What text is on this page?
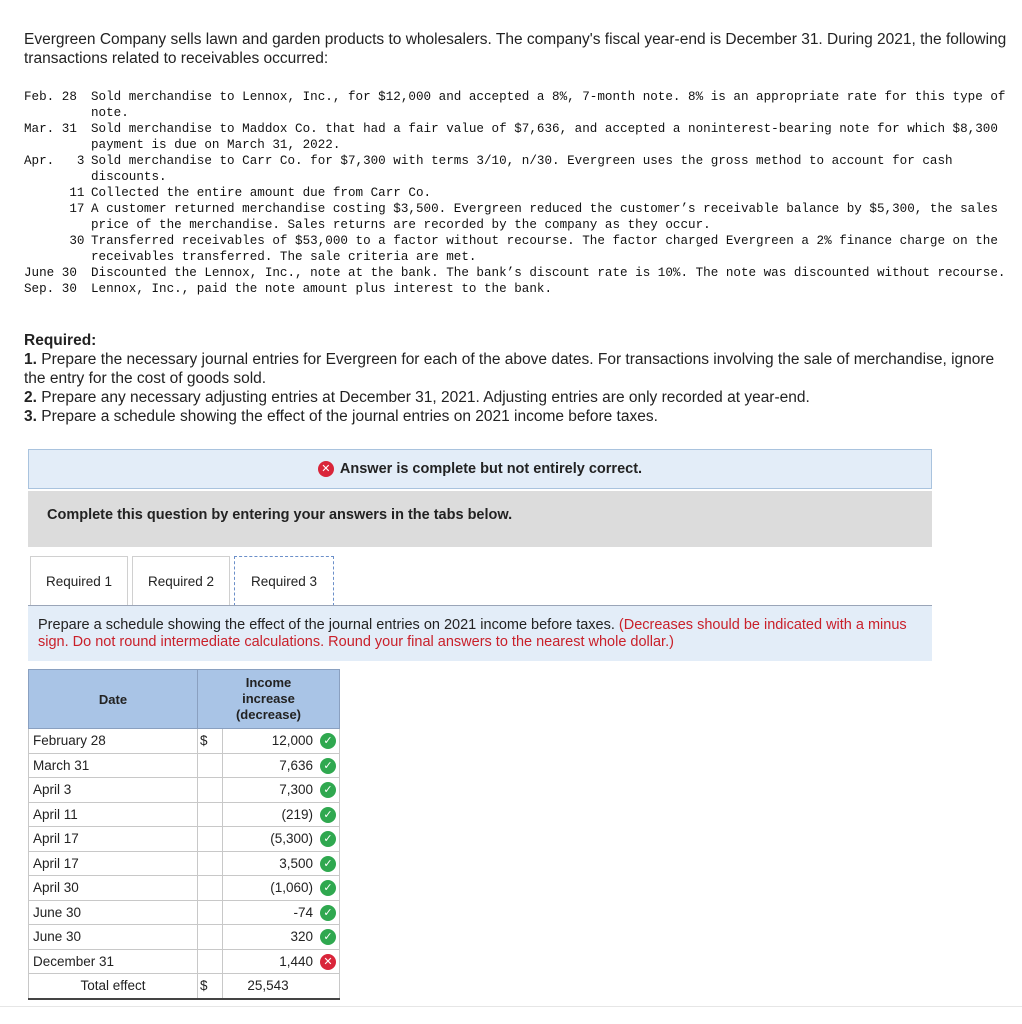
Evergreen Company sells lawn and garden products to wholesalers. The company's fiscal year-end is December 31. During 2021, the following transactions related to receivables occurred:
Feb. 28	Sold merchandise to Lennox, Inc., for $12,000 and accepted a 8%, 7-month note. 8% is an appropriate rate for this type of note.
Mar. 31	Sold merchandise to Maddox Co. that had a fair value of $7,636, and accepted a noninterest-bearing note for which $8,300 payment is due on March 31, 2022.
Apr.   3 Sold merchandise to Carr Co. for $7,300 with terms 3/10, n/30. Evergreen uses the gross method to account for cash discounts.
11 Collected the entire amount due from Carr Co.
17 A customer returned merchandise costing $3,500. Evergreen reduced the customer’s receivable balance by $5,300, the sales price of the merchandise. Sales returns are recorded by the company as they occur.
30 Transferred receivables of $53,000 to a factor without recourse. The factor charged Evergreen a 2% finance charge on the receivables transferred. The sale criteria are met.
June 30	Discounted the Lennox, Inc., note at the bank. The bank’s discount rate is 10%. The note was discounted without recourse.
Sep. 30	Lennox, Inc., paid the note amount plus interest to the bank.
Required:
1. Prepare the necessary journal entries for Evergreen for each of the above dates. For transactions involving the sale of merchandise, ignore the entry for the cost of goods sold.
2. Prepare any necessary adjusting entries at December 31, 2021. Adjusting entries are only recorded at year-end.
3. Prepare a schedule showing the effect of the journal entries on 2021 income before taxes.
✕ Answer is complete but not entirely correct.
Complete this question by entering your answers in the tabs below.
Required 1	Required 2	Required 3

Prepare a schedule showing the effect of the journal entries on 2021 income before taxes. (Decreases should be indicated with a minus sign. Do not round intermediate calculations. Round your final answers to the nearest whole dollar.)

Date	Income
increase
(decrease)	

February 28	$	12,000 ✓

March 31		7,636 ✓

April 3		7,300 ✓

April 11		(219) ✓

April 17		(5,300) ✓

April 17		3,500 ✓

April 30		(1,060) ✓

June 30		-74 ✓

June 30		320 ✓

December 31		1,440 ✕

Total effect	$	25,543
